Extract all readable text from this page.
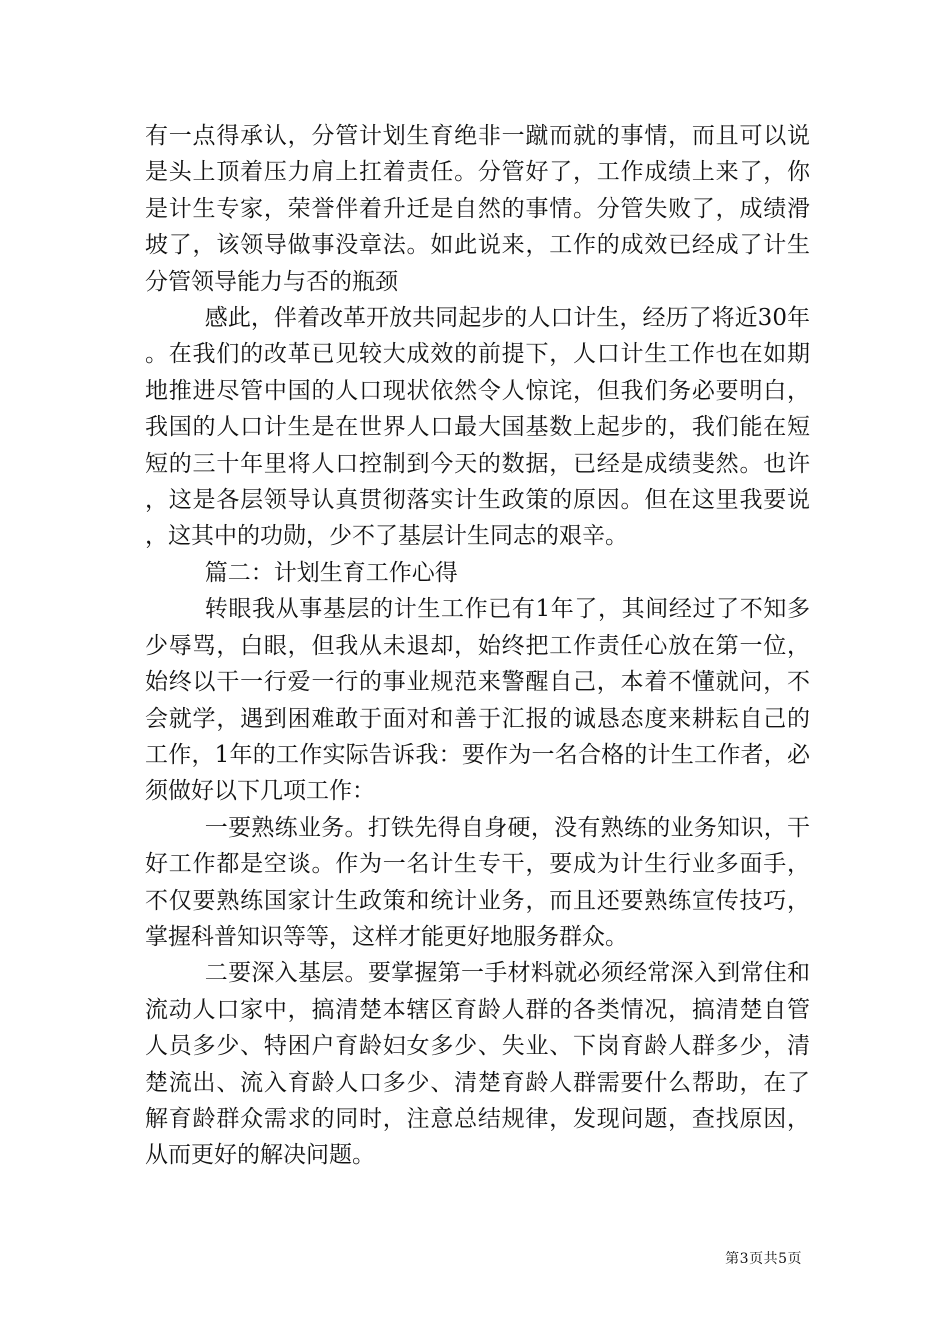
有一点得承认，分管计划生育绝非一蹴而就的事情，而且可以说是头上顶着压力肩上扛着责任。分管好了，工作成绩上来了，你是计生专家，荣誉伴着升迁是自然的事情。分管失败了，成绩滑坡了，该领导做事没章法。如此说来，工作的成效已经成了计生分管领导能力与否的瓶颈

感此，伴着改革开放共同起步的人口计生，经历了将近30年。在我们的改革已见较大成效的前提下，人口计生工作也在如期地推进尽管中国的人口现状依然令人惊诧，但我们务必要明白，我国的人口计生是在世界人口最大国基数上起步的，我们能在短短的三十年里将人口控制到今天的数据，已经是成绩斐然。也许，这是各层领导认真贯彻落实计生政策的原因。但在这里我要说，这其中的功勋，少不了基层计生同志的艰辛。

篇二：计划生育工作心得

转眼我从事基层的计生工作已有1年了，其间经过了不知多少辱骂，白眼，但我从未退却，始终把工作责任心放在第一位，始终以干一行爱一行的事业规范来警醒自己，本着不懂就问，不会就学，遇到困难敢于面对和善于汇报的诚恳态度来耕耘自己的工作，1年的工作实际告诉我：要作为一名合格的计生工作者，必须做好以下几项工作：

一要熟练业务。打铁先得自身硬，没有熟练的业务知识，干好工作都是空谈。作为一名计生专干，要成为计生行业多面手，不仅要熟练国家计生政策和统计业务，而且还要熟练宣传技巧，掌握科普知识等等，这样才能更好地服务群众。

二要深入基层。要掌握第一手材料就必须经常深入到常住和流动人口家中，搞清楚本辖区育龄人群的各类情况，搞清楚自管人员多少、特困户育龄妇女多少、失业、下岗育龄人群多少，清楚流出、流入育龄人口多少、清楚育龄人群需要什么帮助，在了解育龄群众需求的同时，注意总结规律，发现问题，查找原因，从而更好的解决问题。

第3页共5页
